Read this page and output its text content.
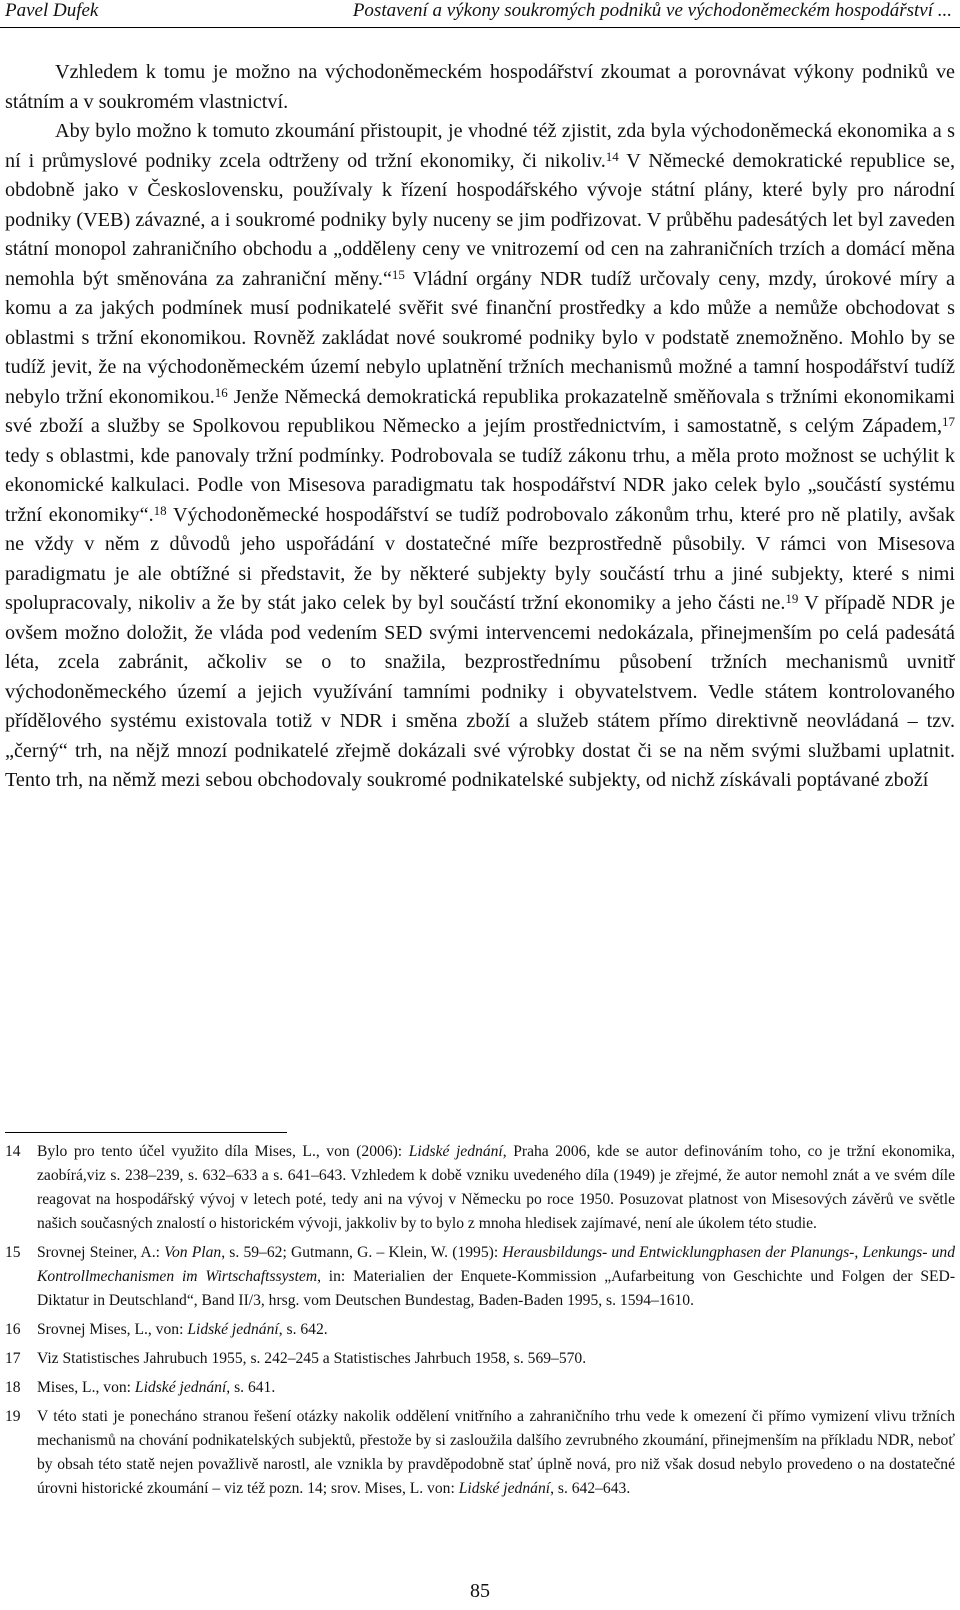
Pavel Dufek	Postavení a výkony soukromých podniků ve východoněmeckém hospodářství ...

Vzhledem k tomu je možno na východoněmeckém hospodářství zkoumat a porovnávat výkony podniků ve státním a v soukromém vlastnictví.

Aby bylo možno k tomuto zkoumání přistoupit, je vhodné též zjistit, zda byla východoněmecká ekonomika a s ní i průmyslové podniky zcela odtrženy od tržní ekonomiky, či nikoliv.$^{14}$ V Německé demokratické republice se, obdobně jako v Československu, používaly k řízení hospodářského vývoje státní plány, které byly pro národní podniky (VEB) závazné, a i soukromé podniky byly nuceny se jim podřizovat. V průběhu padesátých let byl zaveden státní monopol zahraničního obchodu a „odděleny ceny ve vnitrozemí od cen na zahraničních trzích a domácí měna nemohla být směnována za zahraniční měny.“$^{15}$ Vládní orgány NDR tudíž určovaly ceny, mzdy, úrokové míry a komu a za jakých podmínek musí podnikatelé svěřit své finanční prostředky a kdo může a nemůže obchodovat s oblastmi s tržní ekonomikou. Rovněž zakládat nové soukromé podniky bylo v podstatě znemožněno. Mohlo by se tudíž jevit, že na východoněmeckém území nebylo uplatnění tržních mechanismů možné a tamní hospodářství tudíž nebylo tržní ekonomikou.$^{16}$ Jenže Německá demokratická republika prokazatelně směňovala s tržními ekonomikami své zboží a služby se Spolkovou republikou Německo a jejím prostřednictvím, i samostatně, s celým Západem,$^{17}$ tedy s oblastmi, kde panovaly tržní podmínky. Podrobovala se tudíž zákonu trhu, a měla proto možnost se uchýlit k ekonomické kalkulaci. Podle von Misesova paradigmatu tak hospodářství NDR jako celek bylo „součástí systému tržní ekonomiky“.$^{18}$ Východoněmecké hospodářství se tudíž podrobovalo zákonům trhu, které pro ně platily, avšak ne vždy v něm z důvodů jeho uspořádání v dostatečné míře bezprostředně působily. V rámci von Misesova paradigmatu je ale obtížné si představit, že by některé subjekty byly součástí trhu a jiné subjekty, které s nimi spolupracovaly, nikoliv a že by stát jako celek by byl součástí tržní ekonomiky a jeho části ne.$^{19}$ V případě NDR je ovšem možno doložit, že vláda pod vedením SED svými intervencemi nedokázala, přinejmenším po celá padesátá léta, zcela zabránit, ačkoliv se o to snažila, bezprostřednímu působení tržních mechanismů uvnitř východoněmeckého území a jejich využívání tamními podniky i obyvatelstvem. Vedle státem kontrolovaného přídělového systému existovala totiž v NDR i směna zboží a služeb státem přímo direktivně neovládaná – tzv. „černý“ trh, na nějž mnozí podnikatelé zřejmě dokázali své výrobky dostat či se na něm svými službami uplatnit. Tento trh, na němž mezi sebou obchodovaly soukromé podnikatelské subjekty, od nichž získávali poptávané zboží

14	Bylo pro tento účel využito díla Mises, L., von (2006): Lidské jednání, Praha 2006, kde se autor definováním toho, co je tržní ekonomika, zaobírá,viz s. 238–239, s. 632–633 a s. 641–643. Vzhledem k době vzniku uvedeného díla (1949) je zřejmé, že autor nemohl znát a ve svém díle reagovat na hospodářský vývoj v letech poté, tedy ani na vývoj v Německu po roce 1950. Posuzovat platnost von Misesových závěrů ve světle našich současných znalostí o historickém vývoji, jakkoliv by to bylo z mnoha hledisek zajímavé, není ale úkolem této studie.
15	Srovnej Steiner, A.: Von Plan, s. 59–62; Gutmann, G. – Klein, W. (1995): Herausbildungs- und Entwicklungphasen der Planungs-, Lenkungs- und Kontrollmechanismen im Wirtschaftssystem, in: Materialien der Enquete-Kommission „Aufarbeitung von Geschichte und Folgen der SED-Diktatur in Deutschland“, Band II/3, hrsg. vom Deutschen Bundestag, Baden-Baden 1995, s. 1594–1610.
16	Srovnej Mises, L., von: Lidské jednání, s. 642.
17	Viz Statistisches Jahrubuch 1955, s. 242–245 a Statistisches Jahrbuch 1958, s. 569–570.
18	Mises, L., von: Lidské jednání, s. 641.
19	V této stati je ponecháno stranou řešení otázky nakolik oddělení vnitřního a zahraničního trhu vede k omezení či přímo vymizení vlivu tržních mechanismů na chování podnikatelských subjektů, přestože by si zasloužila dalšího zevrubného zkoumání, přinejmenším na příkladu NDR, neboť by obsah této statě nejen považlivě narostl, ale vznikla by pravděpodobně stať úplně nová, pro niž však dosud nebylo provedeno o na dostatečné úrovni historické zkoumání – viz též pozn. 14; srov. Mises, L. von: Lidské jednání, s. 642–643.
85
